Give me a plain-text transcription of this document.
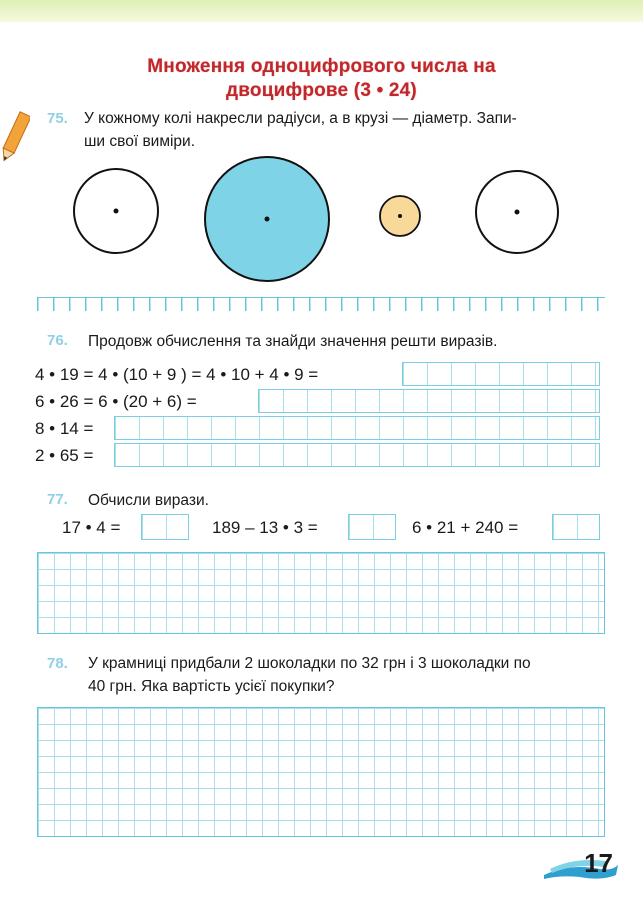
Множення одноцифрового числа на
двоцифрове (3 • 24)
75. У кожному колі накресли радіуси, а в крузі — діаметр. Запи-
ши свої виміри.
76. Продовж обчислення та знайди значення решти виразів.
4 • 19 = 4 • (10 + 9 ) = 4 • 10 + 4 • 9 =
6 • 26 = 6 • (20 + 6) =
8 • 14 =
2 • 65 =
77. Обчисли вирази.
17 • 4 =	189 – 13 • 3 =	6 • 21 + 240 =
78. У крамниці придбали 2 шоколадки по 32 грн і 3 шоколадки по
40 грн. Яка вартість усієї покупки?
17
